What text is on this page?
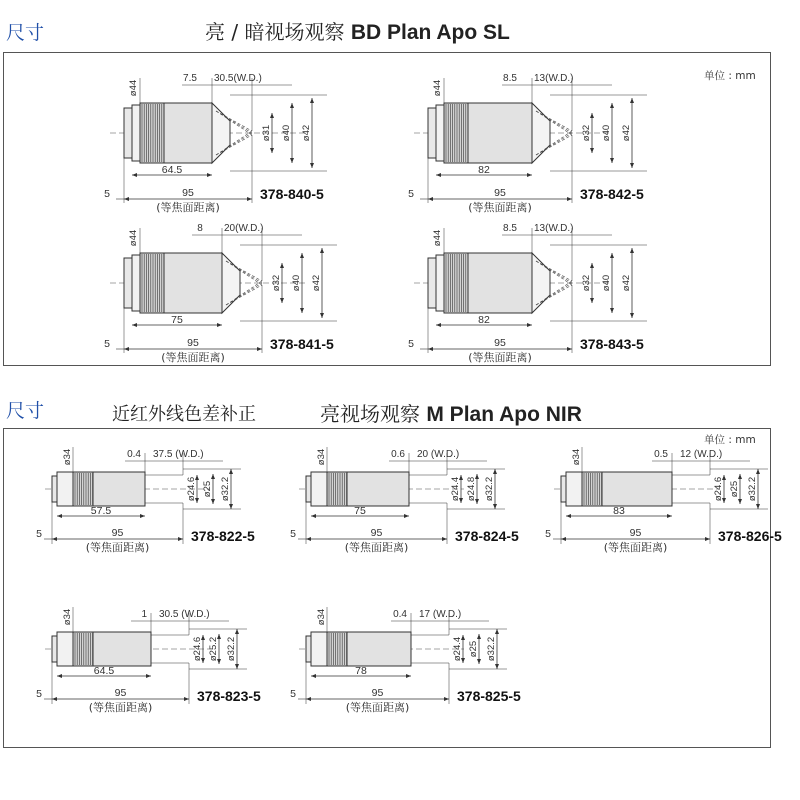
尺寸	亮 / 暗视场观察 BD Plan Apo SL
单位 : mm
ø31 ø40 ø42
ø44
7.5 30.5(W.D.)
64.5
95
(等焦面距离)
5	378-840-5
ø32 ø40 ø42
ø44
8.5 13(W.D.)
82
95
(等焦面距离)
5	378-842-5
ø32 ø40 ø42
ø44
8 20(W.D.)
75
95
(等焦面距离)
5	378-841-5
ø32 ø40 ø42
ø44
8.5 13(W.D.)
82
95
(等焦面距离)
5	378-843-5
尺寸	近红外线色差补正	亮视场观察 M Plan Apo NIR
单位 : mm
ø24.6 ø25 ø32.2
ø34	0.4 37.5 (W.D.)
57.5
95
(等焦面距离)
5	378-822-5
ø24.4 ø24.8 ø32.2
ø34	0.6 20 (W.D.)
75
95
(等焦面距离)
5	378-824-5
ø24.6 ø25 ø32.2
ø34	0.5 12 (W.D.)
83
95
(等焦面距离)
5	378-826-5
ø24.6 ø25.2 ø32.2
ø34	1 30.5 (W.D.)
64.5
95
(等焦面距离)
5	378-823-5
ø24.4 ø25 ø32.2
ø34	0.4 17 (W.D.)
78
95
(等焦面距离)
5	378-825-5
